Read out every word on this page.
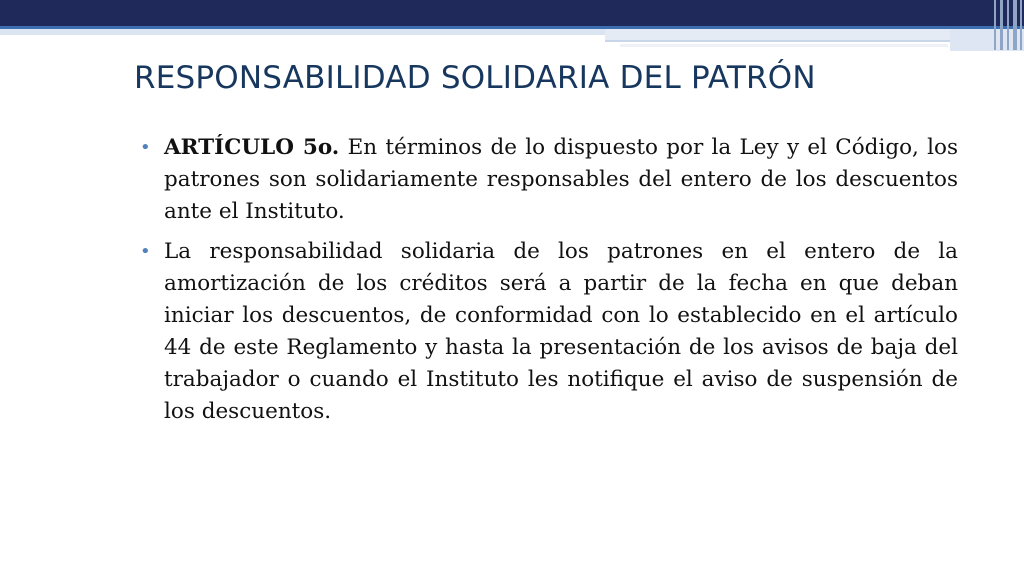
RESPONSABILIDAD SOLIDARIA DEL PATRÓN
• ARTÍCULO 5o. En términos de lo dispuesto por la Ley y el Código, los patrones son solidariamente responsables del entero de los descuentos ante el Instituto.
• La responsabilidad solidaria de los patrones en el entero de la amortización de los créditos será a partir de la fecha en que deban iniciar los descuentos, de conformidad con lo establecido en el artículo 44 de este Reglamento y hasta la presentación de los avisos de baja del trabajador o cuando el Instituto les notifique el aviso de suspensión de los descuentos.
